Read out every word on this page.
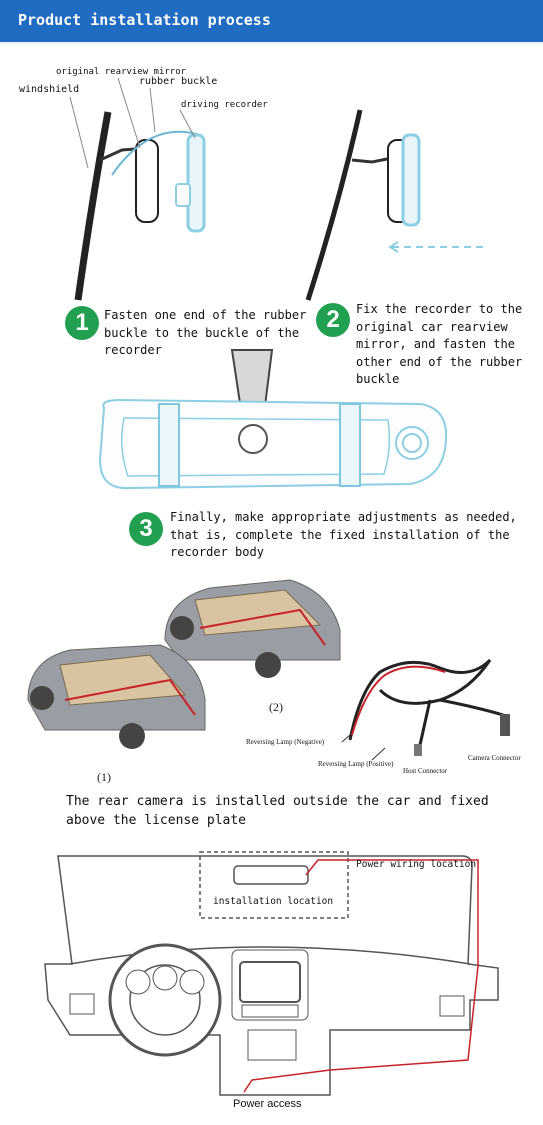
Product installation process
original rearview mirror
windshield
rubber buckle
driving recorder
1	Fasten one end of the rubber buckle to the buckle of the recorder
2	Fix the recorder to the original car rearview mirror, and fasten the other end of the rubber buckle
3	Finally, make appropriate adjustments as needed, that is, complete the fixed installation of the recorder body
(2)
(1)
Reversing Lamp (Negative)
Reversing Lamp (Positive)
Host Connector
Camera Connector
The rear camera is installed outside the car and fixed above the license plate
installation location
Power wiring location
Power access
